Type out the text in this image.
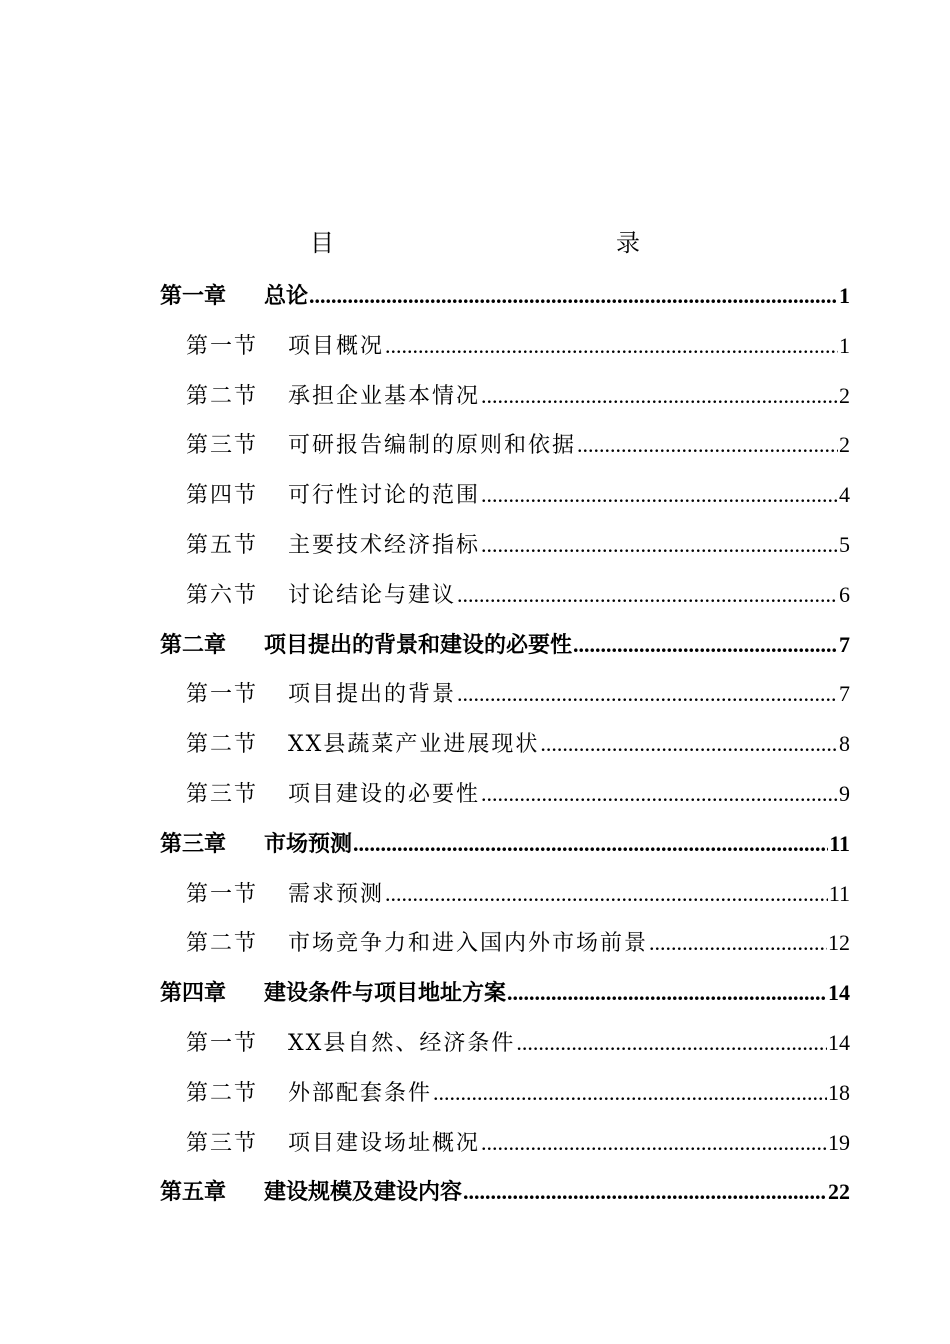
目　　录
第一章	总论 .....	1
第一节	项目概况 .....	1
第二节	承担企业基本情况 .....	2
第三节	可研报告编制的原则和依据 .....	2
第四节	可行性讨论的范围 .....	4
第五节	主要技术经济指标 .....	5
第六节	讨论结论与建议 .....	6
第二章	项目提出的背景和建设的必要性 .....	7
第一节	项目提出的背景 .....	7
第二节	XX县蔬菜产业进展现状 .....	8
第三节	项目建设的必要性 .....	9
第三章	市场预测 .....	11
第一节	需求预测 .....	11
第二节	市场竞争力和进入国内外市场前景 .....	12
第四章	建设条件与项目地址方案 .....	14
第一节	XX县自然、经济条件 .....	14
第二节	外部配套条件 .....	18
第三节	项目建设场址概况 .....	19
第五章	建设规模及建设内容 .....	22
